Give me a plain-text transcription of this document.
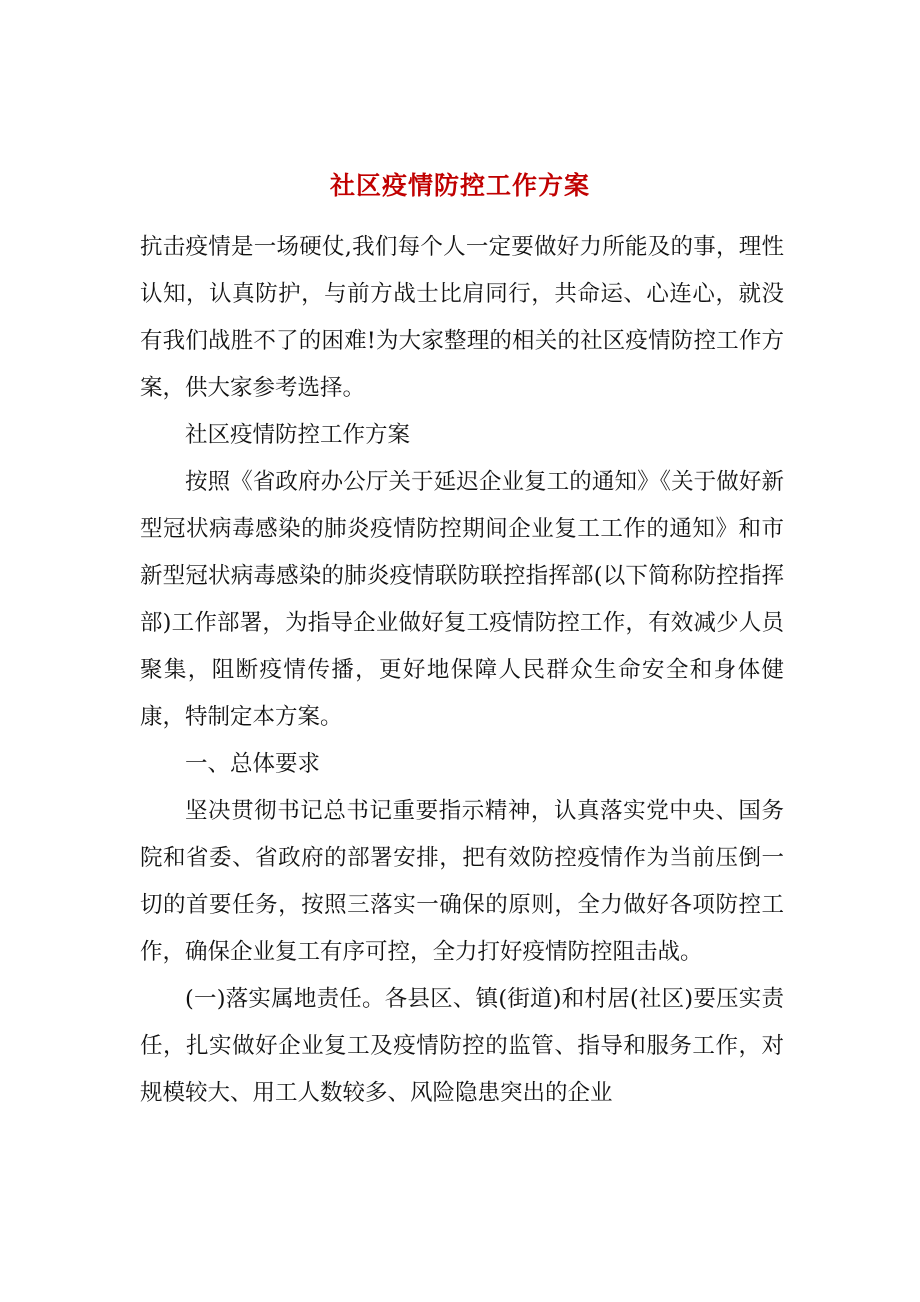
社区疫情防控工作方案

抗击疫情是一场硬仗,我们每个人一定要做好力所能及的事，理性认知，认真防护，与前方战士比肩同行，共命运、心连心，就没有我们战胜不了的困难!为大家整理的相关的社区疫情防控工作方案，供大家参考选择。

社区疫情防控工作方案

按照《省政府办公厅关于延迟企业复工的通知》《关于做好新型冠状病毒感染的肺炎疫情防控期间企业复工工作的通知》和市新型冠状病毒感染的肺炎疫情联防联控指挥部(以下简称防控指挥部)工作部署，为指导企业做好复工疫情防控工作，有效减少人员聚集，阻断疫情传播，更好地保障人民群众生命安全和身体健康，特制定本方案。

一、总体要求

坚决贯彻书记总书记重要指示精神，认真落实党中央、国务院和省委、省政府的部署安排，把有效防控疫情作为当前压倒一切的首要任务，按照三落实一确保的原则，全力做好各项防控工作，确保企业复工有序可控，全力打好疫情防控阻击战。

(一)落实属地责任。各县区、镇(街道)和村居(社区)要压实责任，扎实做好企业复工及疫情防控的监管、指导和服务工作，对规模较大、用工人数较多、风险隐患突出的企业
